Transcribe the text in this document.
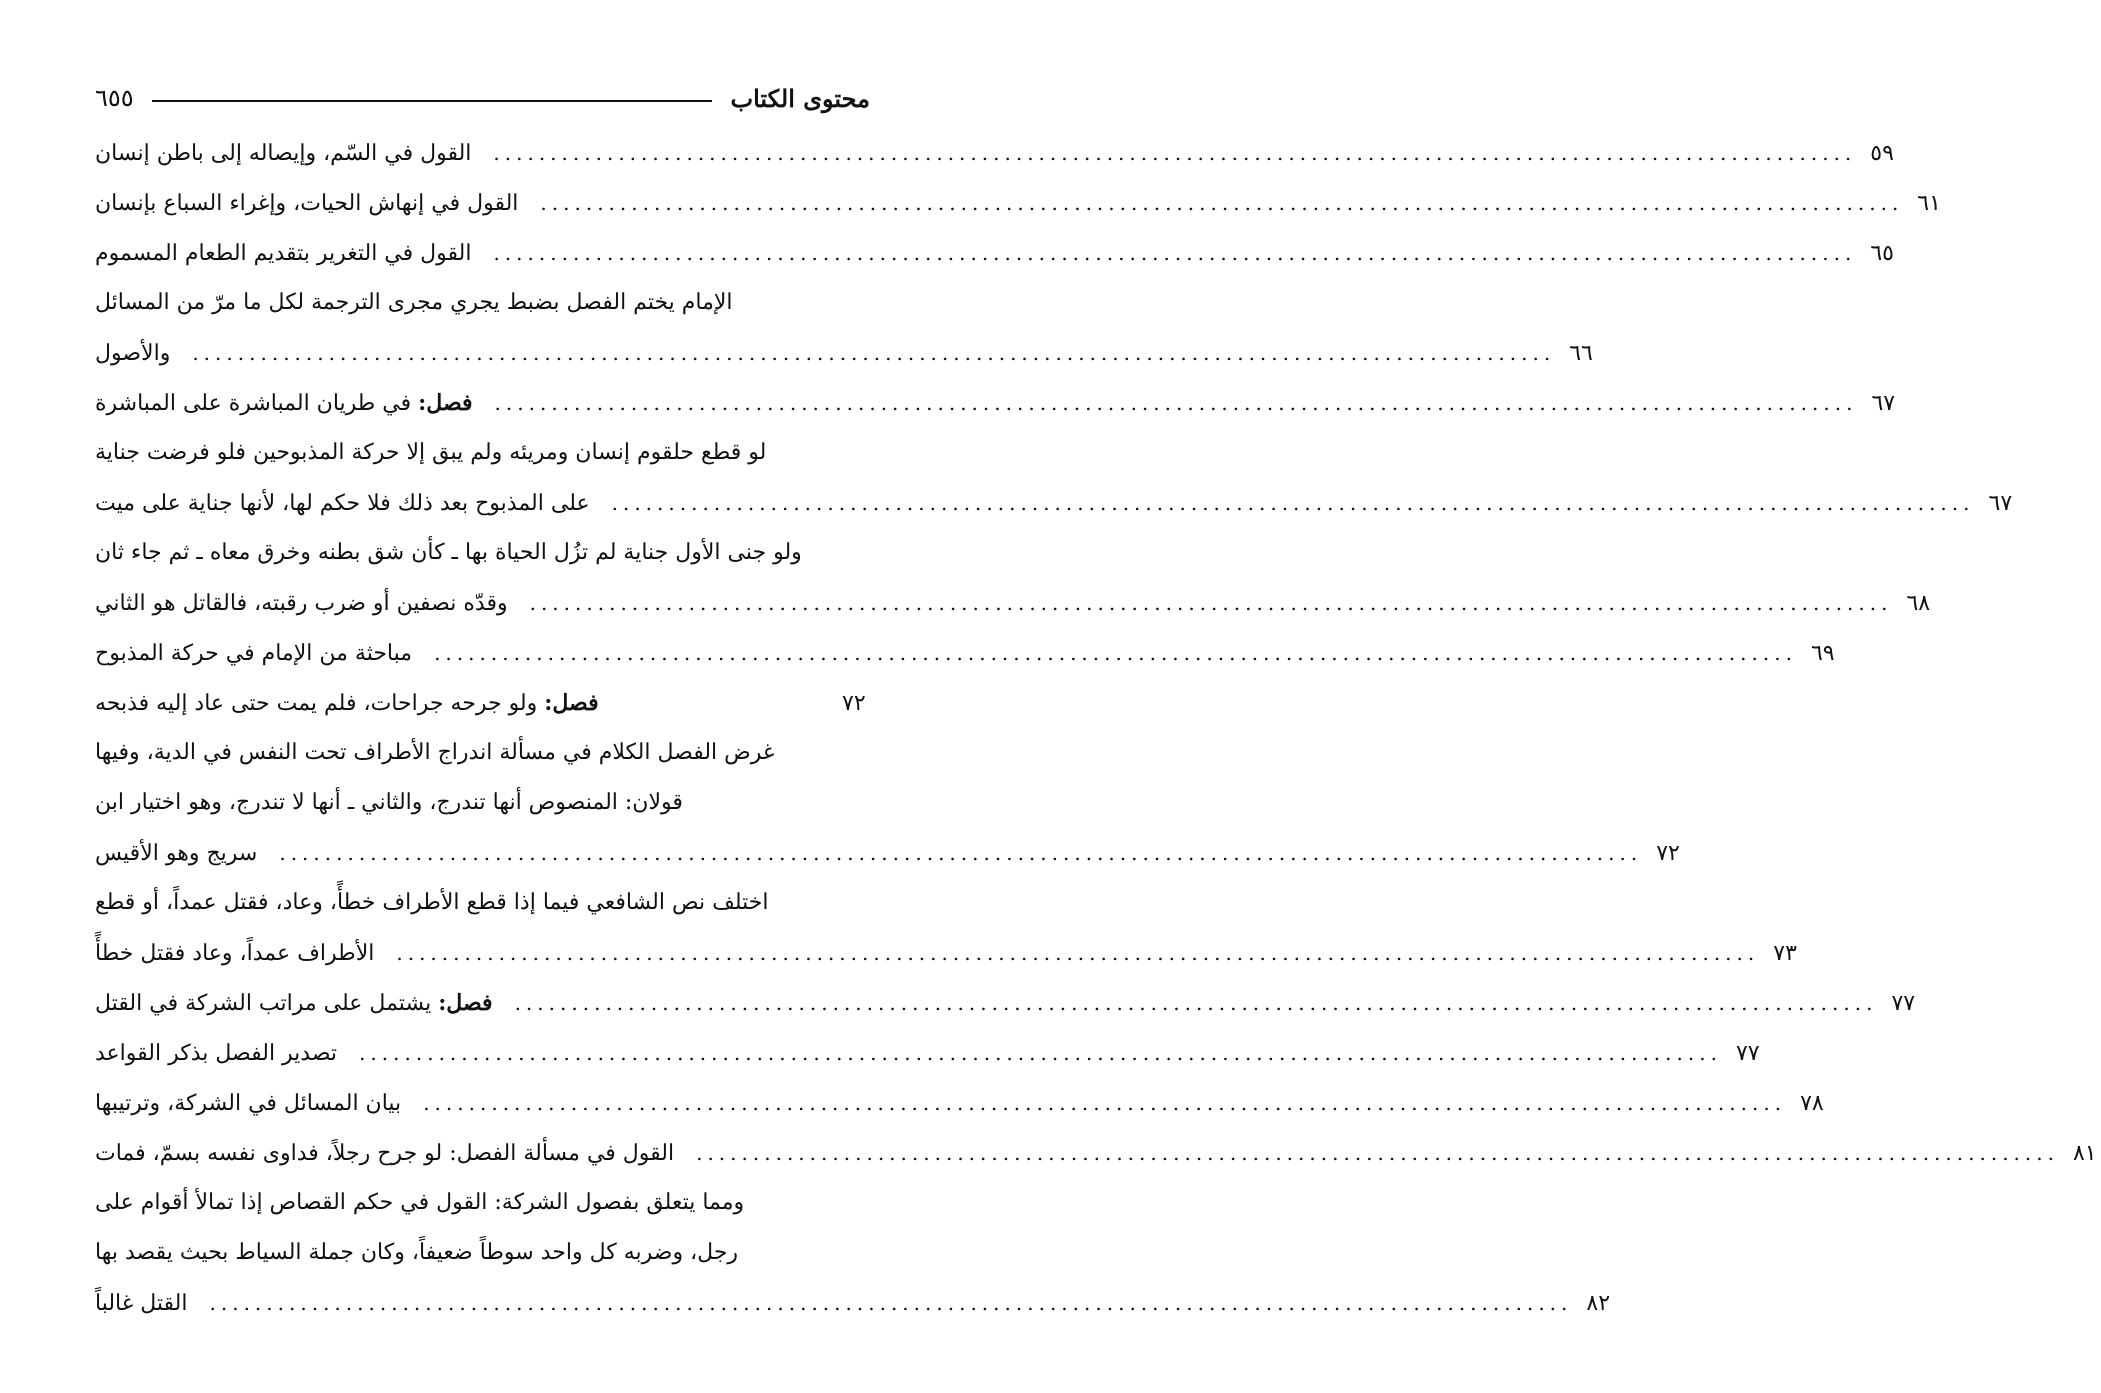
محتوى الكتاب
٦٥٥
القول في السّم، وإيصاله إلى باطن إنسان ........................................................................................................................ ٥٩
القول في إنهاش الحيات، وإغراء السباع بإنسان ........................................................................................................................ ٦١
القول في التغرير بتقديم الطعام المسموم ........................................................................................................................ ٦٥
الإمام يختم الفصل بضبط يجري مجرى الترجمة لكل ما مرّ من المسائل
والأصول ........................................................................................................................ ٦٦
فصل: في طريان المباشرة على المباشرة	........................................................................................................................ ٦٧
لو قطع حلقوم إنسان ومريئه ولم يبق إلا حركة المذبوحين فلو فرضت جناية
على المذبوح بعد ذلك فلا حكم لها، لأنها جناية على ميت ........................................................................................................................ ٦٧
ولو جنى الأول جناية لم تزُل الحياة بها ـ كأن شق بطنه وخرق معاه ـ ثم جاء ثان
وقدّه نصفين أو ضرب رقبته، فالقاتل هو الثاني ........................................................................................................................ ٦٨
مباحثة من الإمام في حركة المذبوح ........................................................................................................................ ٦٩
فصل: ولو جرحه جراحات، فلم يمت حتى عاد إليه فذبحه	٧٢
غرض الفصل الكلام في مسألة اندراج الأطراف تحت النفس في الدية، وفيها
قولان: المنصوص أنها تندرج، والثاني ـ أنها لا تندرج، وهو اختيار ابن
سريج وهو الأقيس ........................................................................................................................ ٧٢
اختلف نص الشافعي فيما إذا قطع الأطراف خطأً، وعاد، فقتل عمداً، أو قطع
الأطراف عمداً، وعاد فقتل خطأً ........................................................................................................................ ٧٣
فصل: يشتمل على مراتب الشركة في القتل	........................................................................................................................ ٧٧
تصدير الفصل بذكر القواعد ........................................................................................................................ ٧٧
بيان المسائل في الشركة، وترتيبها ........................................................................................................................ ٧٨
القول في مسألة الفصل: لو جرح رجلاً، فداوى نفسه بسمّ، فمات ........................................................................................................................ ٨١
ومما يتعلق بفصول الشركة: القول في حكم القصاص إذا تمالأ أقوام على
رجل، وضربه كل واحد سوطاً ضعيفاً، وكان جملة السياط بحيث يقصد بها
القتل غالباً ........................................................................................................................ ٨٢
